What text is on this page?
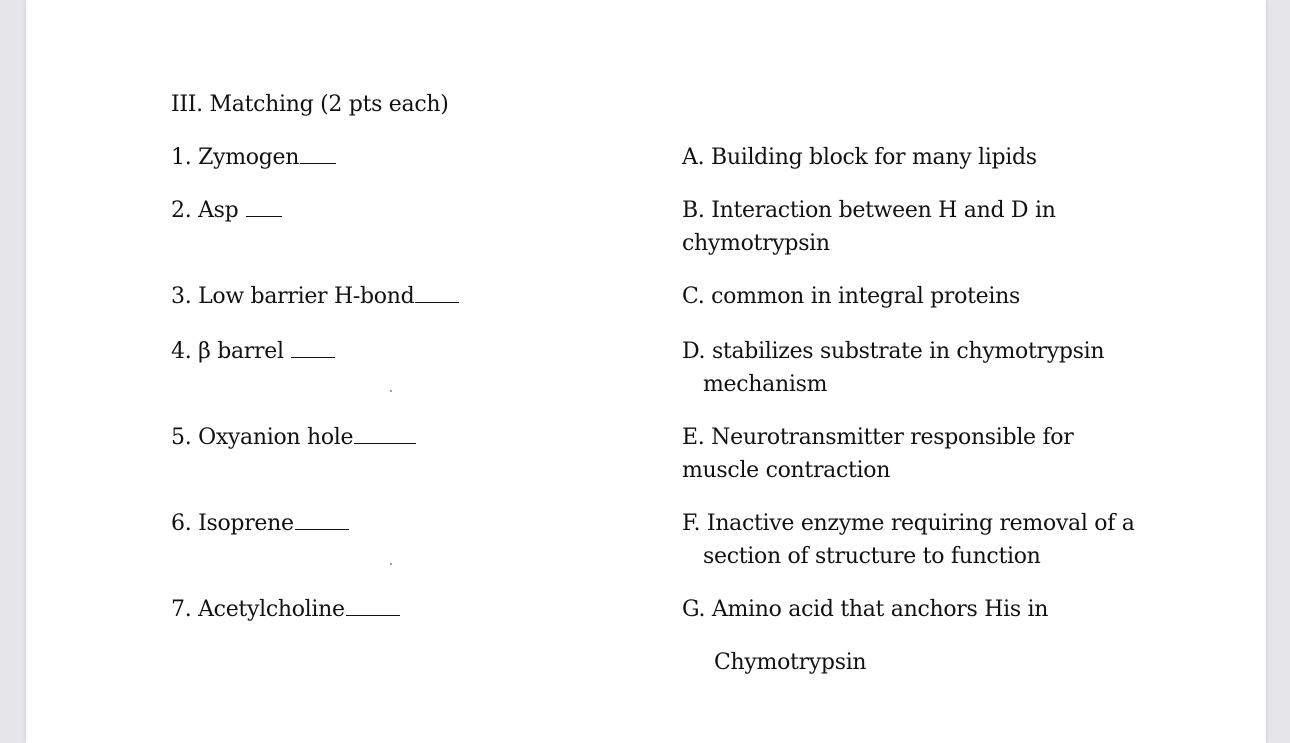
III. Matching (2 pts each)
1. Zymogen
2. Asp
3. Low barrier H-bond
4. β barrel
5. Oxyanion hole
6. Isoprene
7. Acetylcholine
A. Building block for many lipids
B. Interaction between H and D in
chymotrypsin
C. common in integral proteins
D. stabilizes substrate in chymotrypsin
mechanism
E. Neurotransmitter responsible for
muscle contraction
F. Inactive enzyme requiring removal of a
section of structure to function
G. Amino acid that anchors His in
Chymotrypsin
